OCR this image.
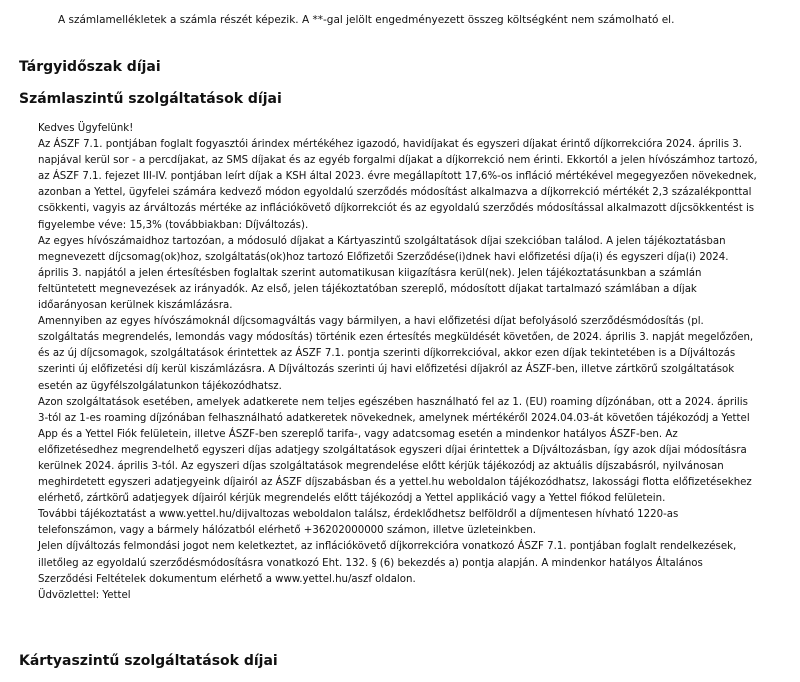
A számlamellékletek a számla részét képezik. A **-gal jelölt engedményezett összeg költségként nem számolható el.
Tárgyidőszak díjai
Számlaszintű szolgáltatások díjai

Kedves Ügyfelünk!

Az ÁSZF 7.1. pontjában foglalt fogyasztói árindex mértékéhez igazodó, havidíjakat és egyszeri díjakat érintő díjkorrekcióra 2024. április 3. napjával kerül sor - a percdíjakat, az SMS díjakat és az egyéb forgalmi díjakat a díjkorrekció nem érinti. Ekkortól a jelen hívószámhoz tartozó, az ÁSZF 7.1. fejezet III-IV. pontjában leírt díjak a KSH által 2023. évre megállapított 17,6%-os infláció mértékével megegyezően növekednek, azonban a Yettel, ügyfelei számára kedvező módon egyoldalú szerződés módosítást alkalmazva a díjkorrekció mértékét 2,3 százalékponttal csökkenti, vagyis az árváltozás mértéke az inflációkövető díjkorrekciót és az egyoldalú szerződés módosítással alkalmazott díjcsökkentést is figyelembe véve: 15,3% (továbbiakban: Díjváltozás).

Az egyes hívószámaidhoz tartozóan, a módosuló díjakat a Kártyaszintű szolgáltatások díjai szekcióban találod. A jelen tájékoztatásban megnevezett díjcsomag(ok)hoz, szolgáltatás(ok)hoz tartozó Előfizetői Szerződése(i)dnek havi előfizetési díja(i) és egyszeri díja(i) 2024. április 3. napjától a jelen értesítésben foglaltak szerint automatikusan kiigazításra kerül(nek). Jelen tájékoztatásunkban a számlán feltüntetett megnevezések az irányadók. Az első, jelen tájékoztatóban szereplő, módosított díjakat tartalmazó számlában a díjak időarányosan kerülnek kiszámlázásra.

Amennyiben az egyes hívószámoknál díjcsomagváltás vagy bármilyen, a havi előfizetési díjat befolyásoló szerződésmódosítás (pl. szolgáltatás megrendelés, lemondás vagy módosítás) történik ezen értesítés megküldését követően, de 2024. április 3. napját megelőzően, és az új díjcsomagok, szolgáltatások érintettek az ÁSZF 7.1. pontja szerinti díjkorrekcióval, akkor ezen díjak tekintetében is a Díjváltozás szerinti új előfizetési díj kerül kiszámlázásra. A Díjváltozás szerinti új havi előfizetési díjakról az ÁSZF-ben, illetve zártkörű szolgáltatások esetén az ügyfélszolgálatunkon tájékozódhatsz.

Azon szolgáltatások esetében, amelyek adatkerete nem teljes egészében használható fel az 1. (EU) roaming díjzónában, ott a 2024. április 3-tól az 1-es roaming díjzónában felhasználható adatkeretek növekednek, amelynek mértékéről 2024.04.03-át követően tájékozódj a Yettel App és a Yettel Fiók felületein, illetve ÁSZF-ben szereplő tarifa-, vagy adatcsomag esetén a mindenkor hatályos ÁSZF-ben. Az előfizetésedhez megrendelhető egyszeri díjas adatjegy szolgáltatások egyszeri díjai érintettek a Díjváltozásban, így azok díjai módosításra kerülnek 2024. április 3-tól. Az egyszeri díjas szolgáltatások megrendelése előtt kérjük tájékozódj az aktuális díjszabásról, nyilvánosan meghirdetett egyszeri adatjegyeink díjairól az ÁSZF díjszabásban és a yettel.hu weboldalon tájékozódhatsz, lakossági flotta előfizetésekhez elérhető, zártkörű adatjegyek díjairól kérjük megrendelés előtt tájékozódj a Yettel applikáció vagy a Yettel fiókod felületein.

További tájékoztatást a www.yettel.hu/dijvaltozas weboldalon találsz, érdeklődhetsz belföldről a díjmentesen hívható 1220-as telefonszámon, vagy a bármely hálózatból elérhető +36202000000 számon, illetve üzleteinkben.

Jelen díjváltozás felmondási jogot nem keletkeztet, az inflációkövető díjkorrekcióra vonatkozó ÁSZF 7.1. pontjában foglalt rendelkezések, illetőleg az egyoldalú szerződésmódosításra vonatkozó Eht. 132. § (6) bekezdés a) pontja alapján. A mindenkor hatályos Általános Szerződési Feltételek dokumentum elérhető a www.yettel.hu/aszf oldalon.

Üdvözlettel: Yettel

Kártyaszintű szolgáltatások díjai
